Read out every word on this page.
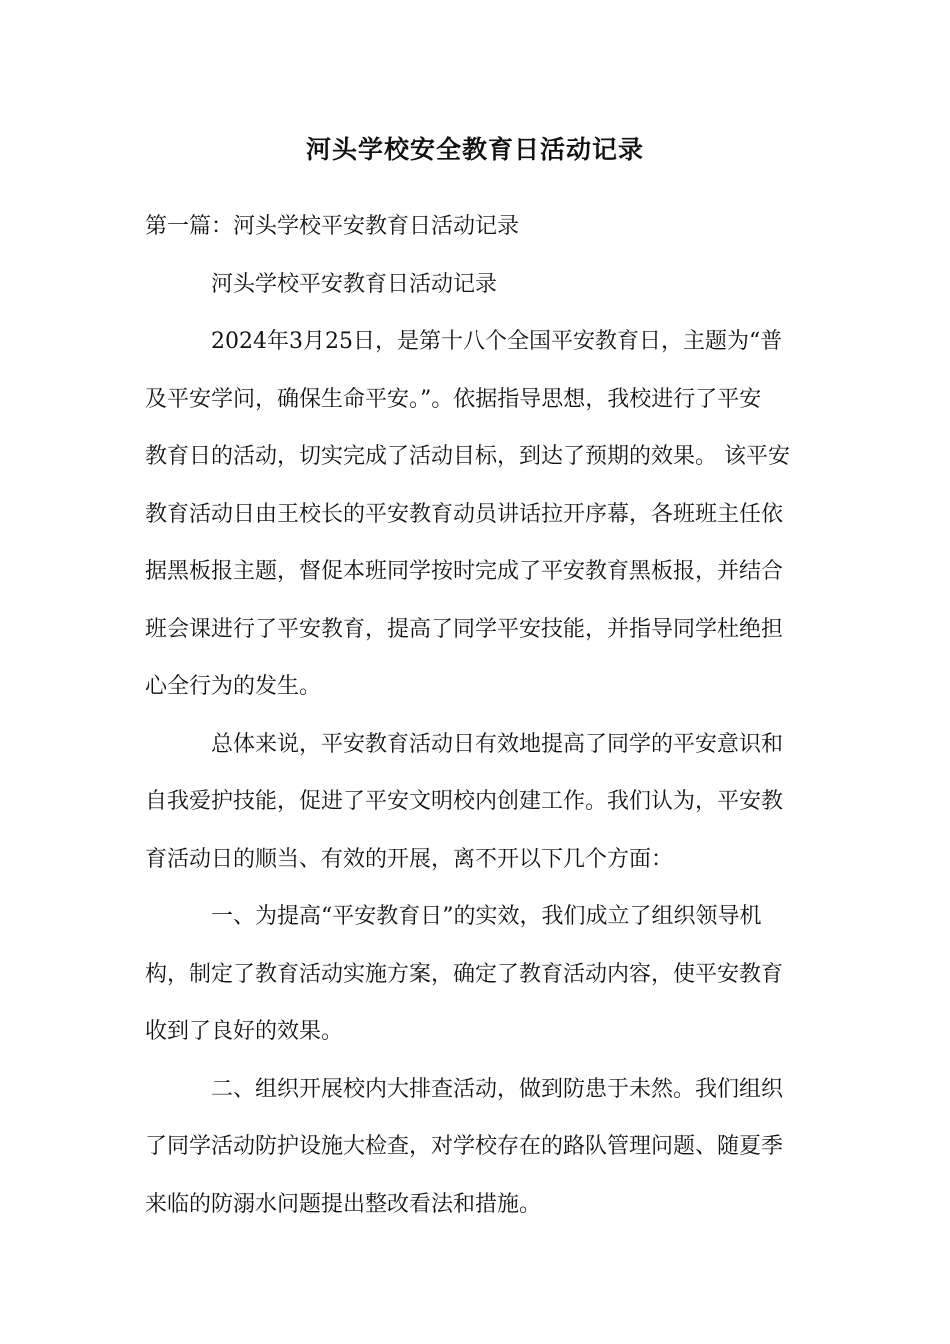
河头学校安全教育日活动记录
第一篇：河头学校平安教育日活动记录
河头学校平安教育日活动记录

2024年3月25日，是第十八个全国平安教育日，主题为“普
及平安学问，确保生命平安。”。依据指导思想，我校进行了平安
教育日的活动，切实完成了活动目标，到达了预期的效果。 该平安
教育活动日由王校长的平安教育动员讲话拉开序幕，各班班主任依
据黑板报主题，督促本班同学按时完成了平安教育黑板报，并结合
班会课进行了平安教育，提高了同学平安技能，并指导同学杜绝担
心全行为的发生。

总体来说，平安教育活动日有效地提高了同学的平安意识和
自我爱护技能，促进了平安文明校内创建工作。我们认为，平安教
育活动日的顺当、有效的开展，离不开以下几个方面：

一、为提高“平安教育日”的实效，我们成立了组织领导机
构，制定了教育活动实施方案，确定了教育活动内容，使平安教育
收到了良好的效果。

二、组织开展校内大排查活动，做到防患于未然。我们组织
了同学活动防护设施大检查，对学校存在的路队管理问题、随夏季
来临的防溺水问题提出整改看法和措施。
